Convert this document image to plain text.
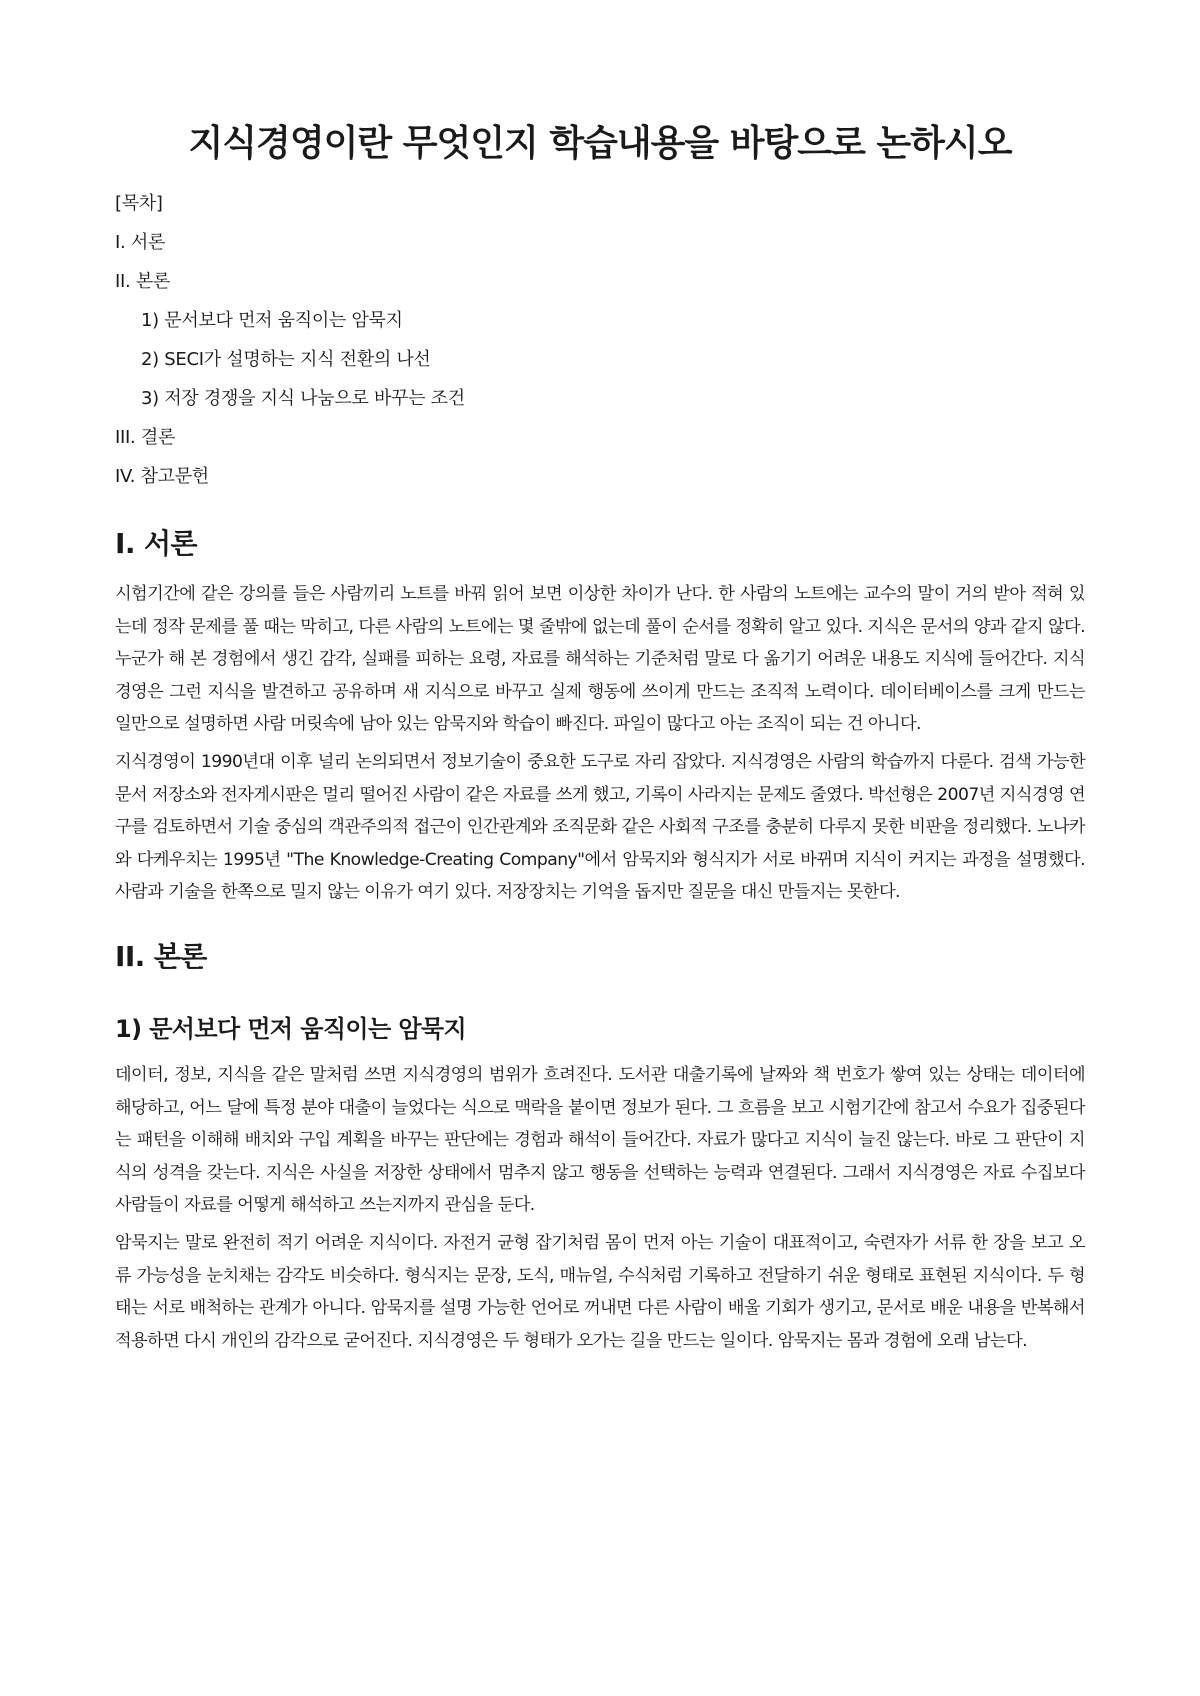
지식경영이란 무엇인지 학습내용을 바탕으로 논하시오
[목차]
I. 서론
II. 본론
1) 문서보다 먼저 움직이는 암묵지
2) SECI가 설명하는 지식 전환의 나선
3) 저장 경쟁을 지식 나눔으로 바꾸는 조건
III. 결론
IV. 참고문헌
I. 서론

시험기간에 같은 강의를 들은 사람끼리 노트를 바꿔 읽어 보면 이상한 차이가 난다. 한 사람의 노트에는 교수의 말이 거의 받아 적혀 있는데 정작 문제를 풀 때는 막히고, 다른 사람의 노트에는 몇 줄밖에 없는데 풀이 순서를 정확히 알고 있다. 지식은 문서의 양과 같지 않다. 누군가 해 본 경험에서 생긴 감각, 실패를 피하는 요령, 자료를 해석하는 기준처럼 말로 다 옮기기 어려운 내용도 지식에 들어간다. 지식경영은 그런 지식을 발견하고 공유하며 새 지식으로 바꾸고 실제 행동에 쓰이게 만드는 조직적 노력이다. 데이터베이스를 크게 만드는 일만으로 설명하면 사람 머릿속에 남아 있는 암묵지와 학습이 빠진다. 파일이 많다고 아는 조직이 되는 건 아니다.

지식경영이 1990년대 이후 널리 논의되면서 정보기술이 중요한 도구로 자리 잡았다. 지식경영은 사람의 학습까지 다룬다. 검색 가능한 문서 저장소와 전자게시판은 멀리 떨어진 사람이 같은 자료를 쓰게 했고, 기록이 사라지는 문제도 줄였다. 박선형은 2007년 지식경영 연구를 검토하면서 기술 중심의 객관주의적 접근이 인간관계와 조직문화 같은 사회적 구조를 충분히 다루지 못한 비판을 정리했다. 노나카와 다케우치는 1995년 "The Knowledge-Creating Company"에서 암묵지와 형식지가 서로 바뀌며 지식이 커지는 과정을 설명했다. 사람과 기술을 한쪽으로 밀지 않는 이유가 여기 있다. 저장장치는 기억을 돕지만 질문을 대신 만들지는 못한다.

II. 본론
1) 문서보다 먼저 움직이는 암묵지

데이터, 정보, 지식을 같은 말처럼 쓰면 지식경영의 범위가 흐려진다. 도서관 대출기록에 날짜와 책 번호가 쌓여 있는 상태는 데이터에 해당하고, 어느 달에 특정 분야 대출이 늘었다는 식으로 맥락을 붙이면 정보가 된다. 그 흐름을 보고 시험기간에 참고서 수요가 집중된다는 패턴을 이해해 배치와 구입 계획을 바꾸는 판단에는 경험과 해석이 들어간다. 자료가 많다고 지식이 늘진 않는다. 바로 그 판단이 지식의 성격을 갖는다. 지식은 사실을 저장한 상태에서 멈추지 않고 행동을 선택하는 능력과 연결된다. 그래서 지식경영은 자료 수집보다 사람들이 자료를 어떻게 해석하고 쓰는지까지 관심을 둔다.

암묵지는 말로 완전히 적기 어려운 지식이다. 자전거 균형 잡기처럼 몸이 먼저 아는 기술이 대표적이고, 숙련자가 서류 한 장을 보고 오류 가능성을 눈치채는 감각도 비슷하다. 형식지는 문장, 도식, 매뉴얼, 수식처럼 기록하고 전달하기 쉬운 형태로 표현된 지식이다. 두 형태는 서로 배척하는 관계가 아니다. 암묵지를 설명 가능한 언어로 꺼내면 다른 사람이 배울 기회가 생기고, 문서로 배운 내용을 반복해서 적용하면 다시 개인의 감각으로 굳어진다. 지식경영은 두 형태가 오가는 길을 만드는 일이다. 암묵지는 몸과 경험에 오래 남는다.
